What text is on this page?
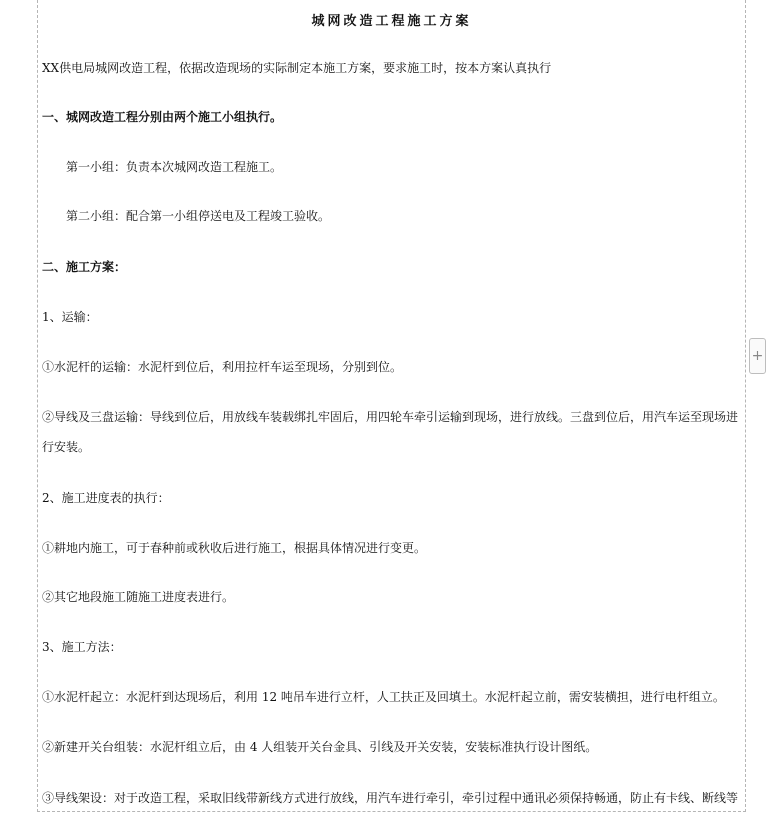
城网改造工程施工方案
XX供电局城网改造工程，依据改造现场的实际制定本施工方案，要求施工时，按本方案认真执行
一、城网改造工程分别由两个施工小组执行。
第一小组：负责本次城网改造工程施工。
第二小组：配合第一小组停送电及工程竣工验收。
二、施工方案：
1、运输：
①水泥杆的运输：水泥杆到位后，利用拉杆车运至现场，分别到位。
②导线及三盘运输：导线到位后，用放线车装载绑扎牢固后，用四轮车牵引运输到现场，进行放线。三盘到位后，用汽车运至现场进行安装。
2、施工进度表的执行：
①耕地内施工，可于春种前或秋收后进行施工，根据具体情况进行变更。
②其它地段施工随施工进度表进行。
3、施工方法：
①水泥杆起立：水泥杆到达现场后，利用 12 吨吊车进行立杆，人工扶正及回填土。水泥杆起立前，需安装横担，进行电杆组立。
②新建开关台组装：水泥杆组立后，由 4 人组装开关台金具、引线及开关安装，安装标准执行设计图纸。
③导线架设：对于改造工程，采取旧线带新线方式进行放线，用汽车进行牵引，牵引过程中通讯必须保持畅通，防止有卡线、断线等
+
